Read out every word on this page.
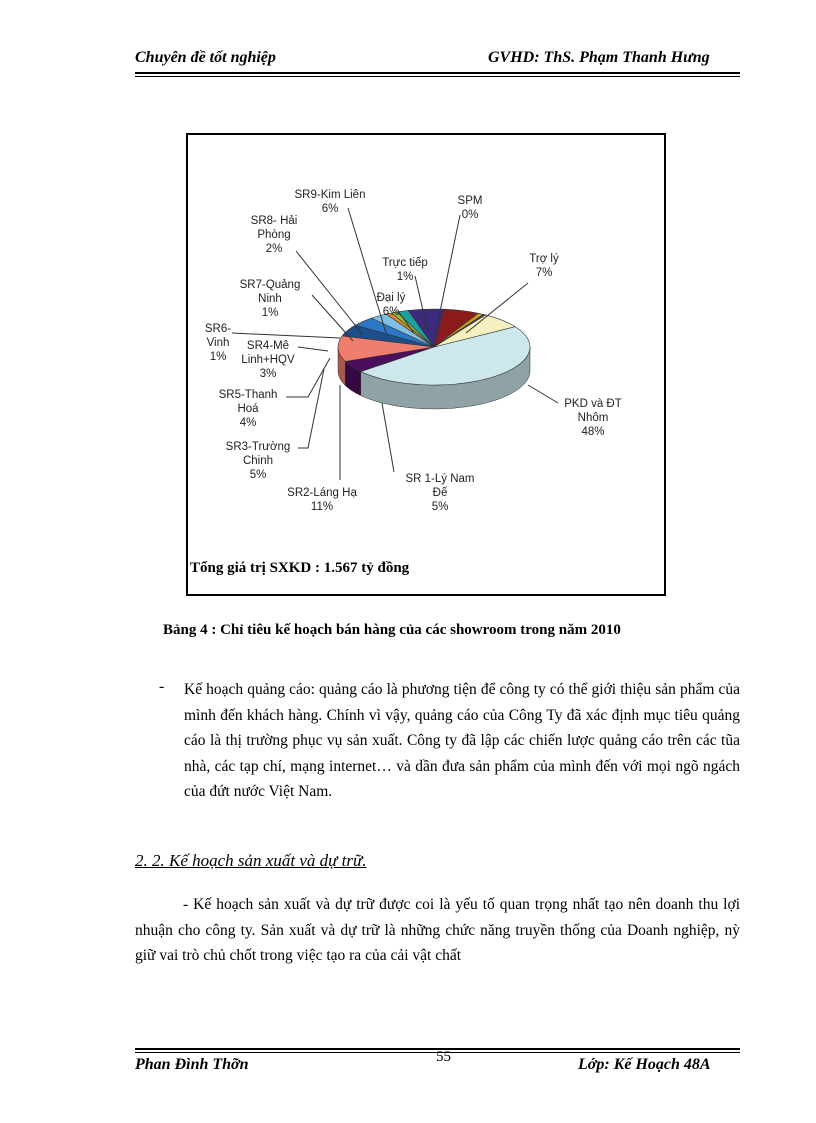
Chuyên đề tốt nghiệp	GVHD: ThS. Phạm Thanh Hưng
SR9-Kim Liên 6%
SPM 0%
SR8- Hải Phòng 2%
Trực tiếp 1%
Trợ lý 7%
SR7-Quảng Ninh 1%
Đại lý 6%
SR6-Vinh 1%
SR4-Mê Linh+HQV 3%
SR5-Thanh Hoá 4%
PKD và ĐT Nhôm 48%
SR3-Trường Chinh 5%	SR 1-Lý Nam Đế 5%
SR2-Láng Hạ 11%
Tổng giá trị SXKD : 1.567 tỷ đồng
Bảng 4 : Chỉ tiêu kế hoạch bán hàng của các showroom trong năm 2010
- Kế hoạch quảng cáo: quảng cáo là phương tiện để công ty có thể giới thiệu sản phẩm của mình đến khách hàng. Chính vì vậy, quảng cáo của Công Ty đã xác định mục tiêu quảng cáo là thị trường phục vụ sản xuất. Công ty đã lập các chiến lược quảng cáo trên các tũa nhà, các tạp chí, mạng internet… và dần đưa sản phẩm của mình đến với mọi ngõ ngách của đứt nước Việt Nam.
2. 2. Kế hoạch sản xuất và dự trữ.
- Kế hoạch sản xuất và dự trữ được coi là yếu tố quan trọng nhất tạo nên doanh thu lợi nhuận cho công ty. Sản xuất và dự trữ là những chức năng truyền thống của Doanh nghiệp, nỳ giữ vai trò chủ chốt trong việc tạo ra của cải vật chất
Phan Đình Thỡn	55	Lớp: Kế Hoạch 48A
